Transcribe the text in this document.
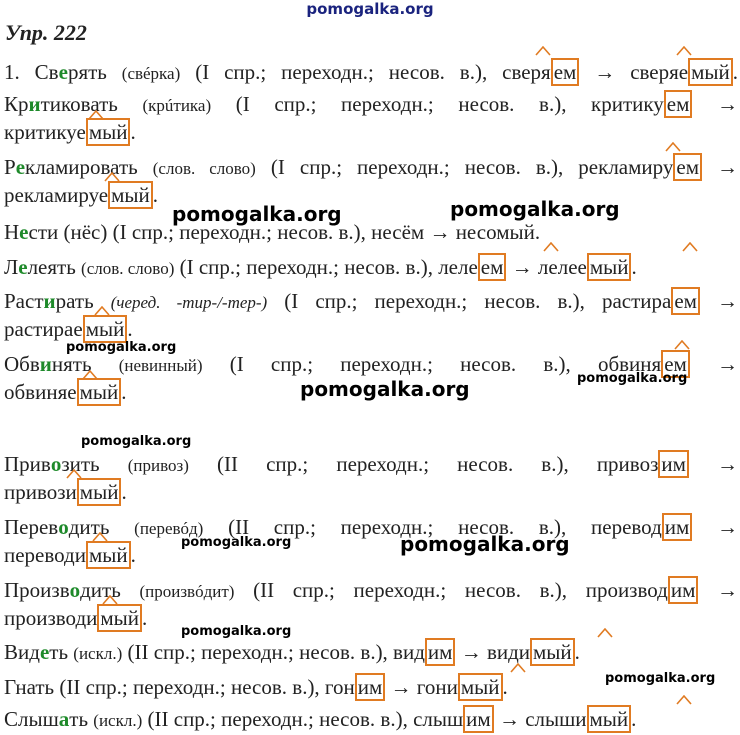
pomogalka.org
Упр. 222
1. Сверять (свéрка) (I спр.; переходн.; несов. в.), сверя ем → сверяе мый .
Критиковать (крúтика) (I спр.; переходн.; несов. в.), критику ем →
критикуе мый .
Рекламировать (слов. слово) (I спр.; переходн.; несов. в.), рекламиру ем →
рекламируе мый .
Нести (нёс) (I спр.; переходн.; несов. в.), несём → несомый.
Лелеять (слов. слово) (I спр.; переходн.; несов. в.), леле ем → лелее мый .
Растирать (черед. -тир-/-тер-) (I спр.; переходн.; несов. в.), растира ем →
растирае мый .
Обвинять (невинный) (I спр.; переходн.; несов. в.), обвиня ем →
обвиняе мый .
Привозить (привоз) (II спр.; переходн.; несов. в.), привоз им →
привози мый .
Переводить (перевóд) (II спр.; переходн.; несов. в.), перевод им →
переводи мый .
Производить (произвóдит) (II спр.; переходн.; несов. в.), производ им →
производи мый .
Видеть (искл.) (II спр.; переходн.; несов. в.), вид им → види мый .
Гнать (II спр.; переходн.; несов. в.), гон им → гони мый .
Слышать (искл.) (II спр.; переходн.; несов. в.), слыш им → слыши мый .
pomogalka.org	pomogalka.org
pomogalka.org
pomogalka.org	pomogalka.org
pomogalka.org
pomogalka.org	pomogalka.org
pomogalka.org
pomogalka.org
